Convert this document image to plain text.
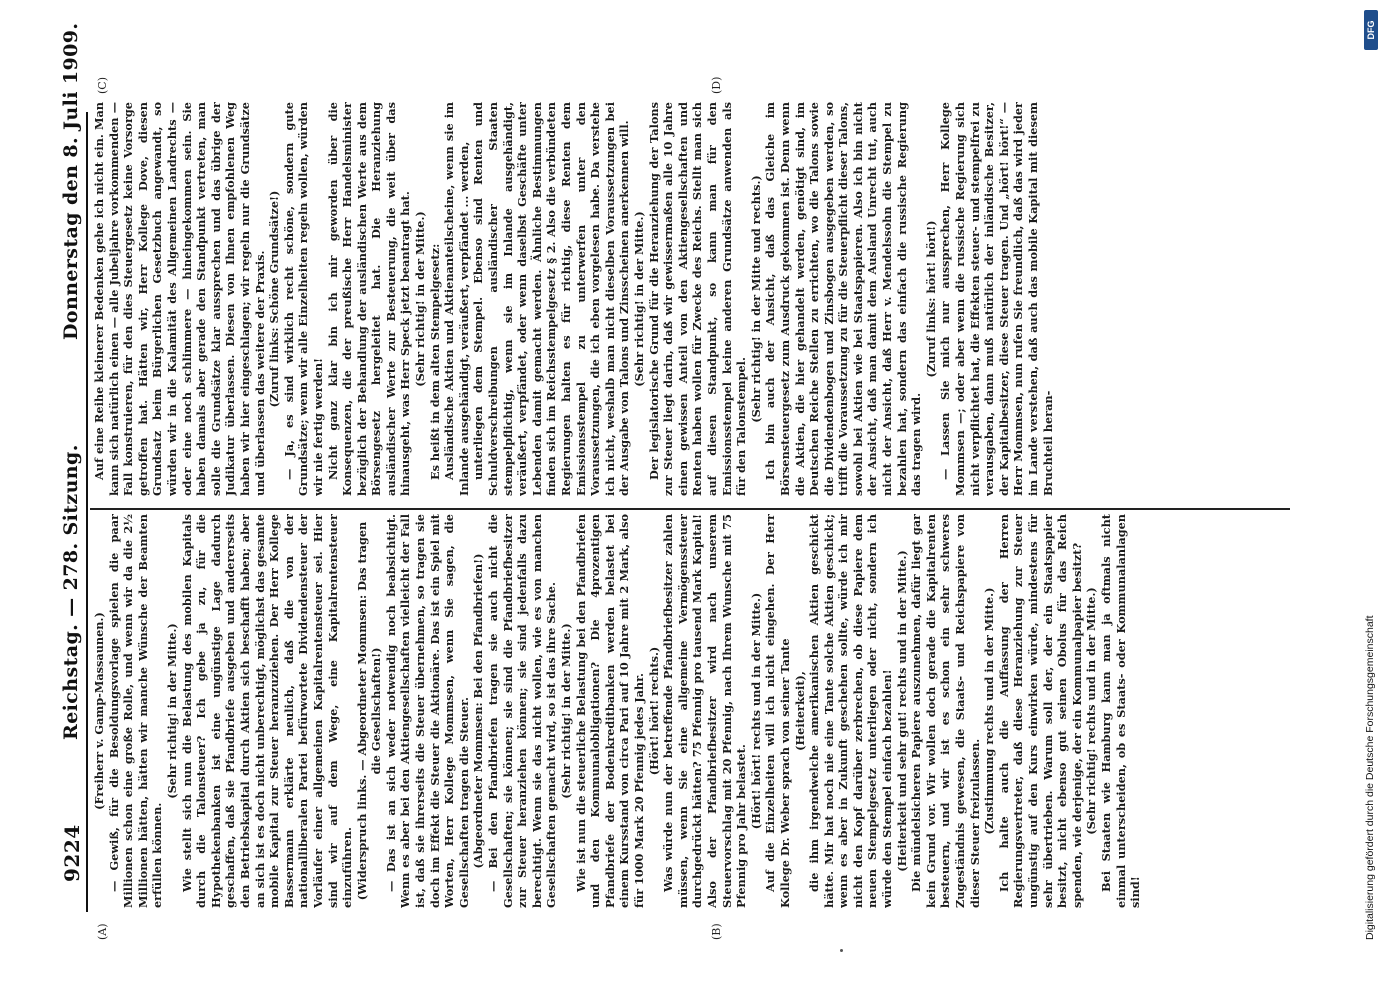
9224
Reichstag. — 278. Sitzung.
Donnerstag den 8. Juli 1909.
(A)	(B)
(C)	(D)

(Freiherr v. Gamp-Massaunen.) — Gewiß, für die Besoldungsvorlage spielen die paar Millionen schon eine große Rolle, und wenn wir da die 2½ Millionen hätten, hätten wir manche Wünsche der Beamten erfüllen können.

(Sehr richtig! in der Mitte.) Wie stellt sich nun die Belastung des mobilen Kapitals durch die Talonsteuer? Ich gebe ja zu, für die Hypothekenbanken ist eine ungünstige Lage dadurch geschaffen, daß sie Pfandbriefe ausgeben und andererseits den Betriebskapital durch Aktien sich beschafft haben; aber an sich ist es doch nicht unberechtigt, möglichst das gesamte mobile Kapital zur Steuer heranzuziehen. Der Herr Kollege Bassermann erklärte neulich, daß die von der nationalliberalen Partei befürwortete Dividendensteuer der Vorläufer einer allgemeinen Kapitalrentensteuer sei. Hier sind wir auf dem Wege, eine Kapitalrentensteuer einzuführen. (Widerspruch links. — Abgeordneter Mommsen: Das tragen die Gesellschaften!) — Das ist an sich weder notwendig noch beabsichtigt. Wenn es aber bei den Aktiengesellschaften vielleicht der Fall ist, daß sie ihrerseits die Steuer übernehmen, so tragen sie doch im Effekt die Steuer die Aktionäre. Das ist ein Spiel mit Worten, Herr Kollege Mommsen, wenn Sie sagen, die Gesellschaften tragen die Steuer. (Abgeordneter Mommsen: Bei den Pfandbriefen!) — Bei den Pfandbriefen tragen sie auch nicht die Gesellschaften; sie können; sie sind die Pfandbriefbesitzer zur Steuer heranziehen können; sie sind jedenfalls dazu berechtigt. Wenn sie das nicht wollen, wie es von manchen Gesellschaften gemacht wird, so ist das ihre Sache. (Sehr richtig! in der Mitte.) Wie ist nun die steuerliche Belastung bei den Pfandbriefen und den Kommunalobligationen? Die 4prozentigen Pfandbriefe der Bodenkreditbanken werden belastet bei einem Kursstand von circa Pari auf 10 Jahre mit 2 Mark, also für 1000 Mark 20 Pfennig jedes Jahr. (Hört! hört! rechts.) Was würde nun der betreffende Pfandbriefbesitzer zahlen müssen, wenn Sie eine allgemeine Vermögenssteuer durchgedrückt hätten? 75 Pfennig pro tausend Mark Kapital! Also der Pfandbriefbesitzer wird nach unserem Steuervorschlag mit 20 Pfennig, nach Ihrem Wunsche mit 75 Pfennig pro Jahr belastet. (Hört! hört! rechts und in der Mitte.) Auf die Einzelheiten will ich nicht eingehen. Der Herr Kollege Dr. Weber sprach von seiner Tante (Heiterkeit), die ihm irgendwelche amerikanischen Aktien geschickt hätte. Mir hat noch nie eine Tante solche Aktien geschickt; wenn es aber in Zukunft geschehen sollte, würde ich mir nicht den Kopf darüber zerbrechen, ob diese Papiere dem neuen Stempelgesetz unterliegen oder nicht, sondern ich würde den Stempel einfach bezahlen! (Heiterkeit und sehr gut! rechts und in der Mitte.) Die mündelsicheren Papiere auszunehmen, dafür liegt gar kein Grund vor. Wir wollen doch gerade die Kapitalrenten besteuern, und wir ist es schon ein sehr schweres Zugeständnis gewesen, die Staats- und Reichspapiere von dieser Steuer freizulassen. (Zustimmung rechts und in der Mitte.) Ich halte auch die Auffassung der Herren Regierungsvertreter, daß diese Heranziehung zur Steuer ungünstig auf den Kurs einwirken würde, mindestens für sehr übertrieben. Warum soll der, der ein Staatspapier besitzt, nicht ebenso gut seinen Obolus für das Reich spenden, wie derjenige, der ein Kommunalpapier besitzt? (Sehr richtig! rechts und in der Mitte.) Bei Staaten wie Hamburg kann man ja oftmals nicht einmal unterscheiden, ob es Staats- oder Kommunalanlagen sind!

Auf eine Reihe kleinerer Bedenken gehe ich nicht ein. Man kann sich natürlich einen — alle Jubeljahre vorkommenden — Fall konstruieren, für den dies Steuergesetz keine Vorsorge getroffen hat. Hätten wir, Herr Kollege Dove, diesen Grundsatz beim Bürgerlichen Gesetzbuch angewandt, so würden wir in die Kalamität des Allgemeinen Landrechts — oder eine noch schlimmere — hineingekommen sein. Sie haben damals aber gerade den Standpunkt vertreten, man solle die Grundsätze klar aussprechen und das übrige der Judikatur überlassen. Diesen von Ihnen empfohlenen Weg haben wir hier eingeschlagen; wir regeln nur die Grundsätze und überlassen das weitere der Praxis. (Zuruf links: Schöne Grundsätze!) — Ja, es sind wirklich recht schöne, sondern gute Grundsätze; wenn wir alle Einzelheiten regeln wollen, würden wir nie fertig werden! Nicht ganz klar bin ich mir geworden über die Konsequenzen, die der preußische Herr Handelsminister bezüglich der Behandlung der ausländischen Werte aus dem Börsengesetz hergeleitet hat. Die Heranziehung ausländischer Werte zur Besteuerung, die weit über das hinausgeht, was Herr Speck jetzt beantragt hat. (Sehr richtig! in der Mitte.) Es heißt in dem alten Stempelgesetz: Ausländische Aktien und Aktienanteilscheine, wenn sie im Inlande ausgehändigt, veräußert, verpfändet ... werden, unterliegen dem Stempel. Ebenso sind Renten und Schuldverschreibungen ausländischer Staaten stempelpflichtig, wenn sie im Inlande ausgehändigt, veräußert, verpfändet, oder wenn daselbst Geschäfte unter Lebenden damit gemacht werden. Ähnliche Bestimmungen finden sich im Reichsstempelgesetz § 2. Also die verbündeten Regierungen halten es für richtig, diese Renten dem Emissionsstempel zu unterwerfen unter den Voraussetzungen, die ich eben vorgelesen habe. Da verstehe ich nicht, weshalb man nicht dieselben Voraussetzungen bei der Ausgabe von Talons und Zinsscheinen anerkennen will. (Sehr richtig! in der Mitte.) Der legislatorische Grund für die Heranziehung der Talons zur Steuer liegt darin, daß wir gewissermaßen alle 10 Jahre einen gewissen Anteil von den Aktiengesellschaften und Renten haben wollen für Zwecke des Reichs. Stellt man sich auf diesen Standpunkt, so kann man für den Emissionsstempel keine anderen Grundsätze anwenden als für den Talonstempel.

(Sehr richtig! in der Mitte und rechts.) Ich bin auch der Ansicht, daß das Gleiche im Börsensteuergesetz zum Ausdruck gekommen ist. Denn wenn die Aktien, die hier gehandelt werden, genötigt sind, im Deutschen Reiche Stellen zu errichten, wo die Talons sowie die Dividendenbogen und Zinsbogen ausgegeben werden, so trifft die Voraussetzung zu für die Steuerpflicht dieser Talons, sowohl bei Aktien wie bei Staatspapieren. Also ich bin nicht der Ansicht, daß man damit dem Ausland Unrecht tut, auch nicht der Ansicht, daß Herr v. Mendelssohn die Stempel zu bezahlen hat, sondern das einfach die russische Regierung das tragen wird.

(Zuruf links: hört! hört!) — Lassen Sie mich nur aussprechen, Herr Kollege Mommsen —; oder aber wenn die russische Regierung sich nicht verpflichtet hat, die Effekten steuer- und stempelfrei zu verausgaben, dann muß natürlich der inländische Besitzer, der Kapitalbesitzer, diese Steuer tragen. Und „hört! hört!“ — Herr Mommsen, nun rufen Sie freundlich, daß das wird jeder im Lande verstehen, daß auch das mobile Kapital mit diesem Bruchteil heran-

Digitalisierung gefördert durch die Deutsche Forschungsgemeinschaft
DFG
